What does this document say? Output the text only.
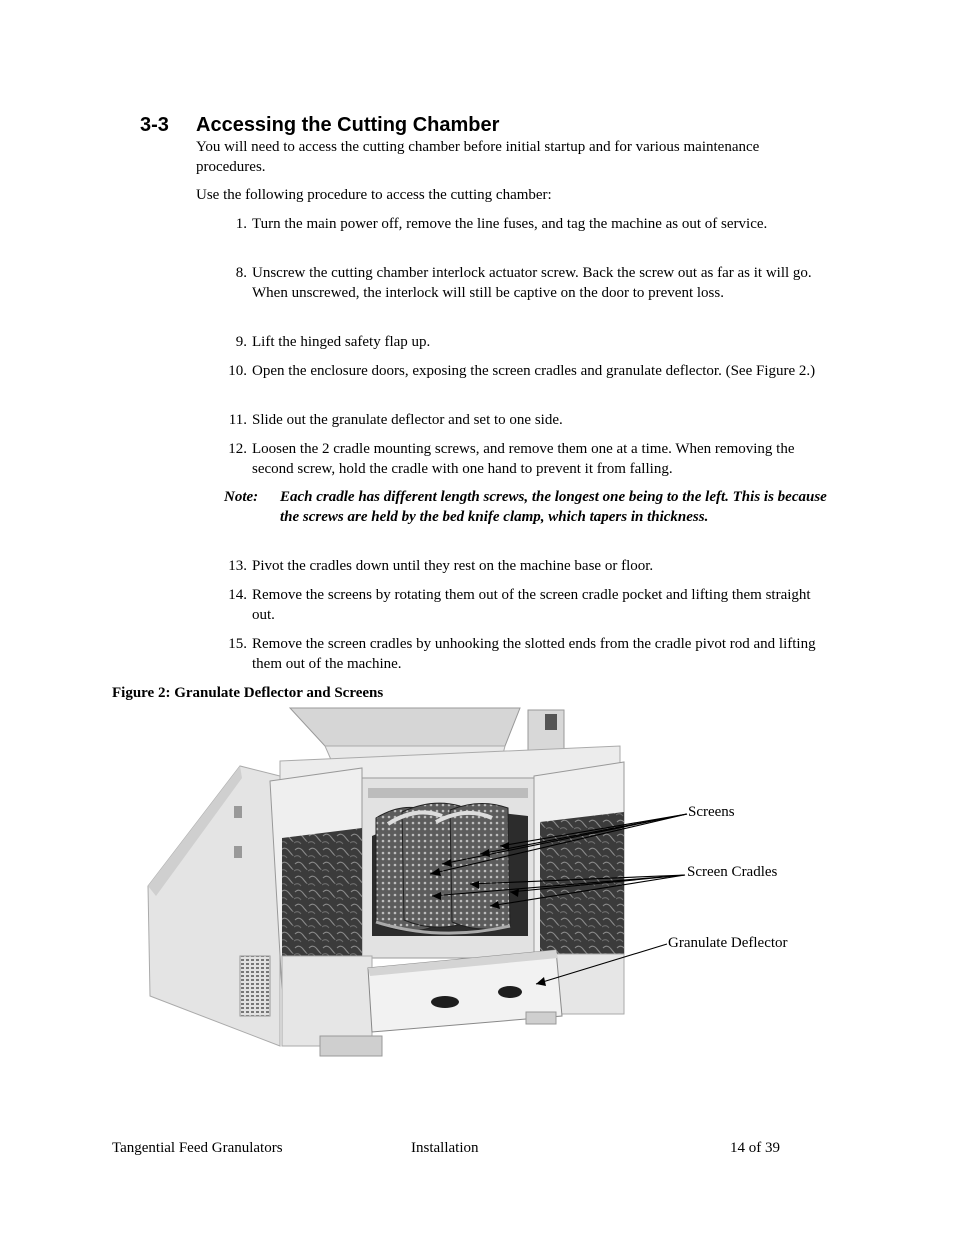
3-3 Accessing the Cutting Chamber
You will need to access the cutting chamber before initial startup and for various maintenance procedures.
Use the following procedure to access the cutting chamber:
1. Turn the main power off, remove the line fuses, and tag the machine as out of service.
8. Unscrew the cutting chamber interlock actuator screw. Back the screw out as far as it will go. When unscrewed, the interlock will still be captive on the door to prevent loss.
9. Lift the hinged safety flap up.
10. Open the enclosure doors, exposing the screen cradles and granulate deflector. (See Figure 2.)
11. Slide out the granulate deflector and set to one side.
12. Loosen the 2 cradle mounting screws, and remove them one at a time. When removing the second screw, hold the cradle with one hand to prevent it from falling.
Note: Each cradle has different length screws, the longest one being to the left. This is because the screws are held by the bed knife clamp, which tapers in thickness.
13. Pivot the cradles down until they rest on the machine base or floor.
14. Remove the screens by rotating them out of the screen cradle pocket and lifting them straight out.
15. Remove the screen cradles by unhooking the slotted ends from the cradle pivot rod and lifting them out of the machine.
Figure 2: Granulate Deflector and Screens
Screens
Screen Cradles
Granulate Deflector
Tangential Feed Granulators	Installation	14 of 39
